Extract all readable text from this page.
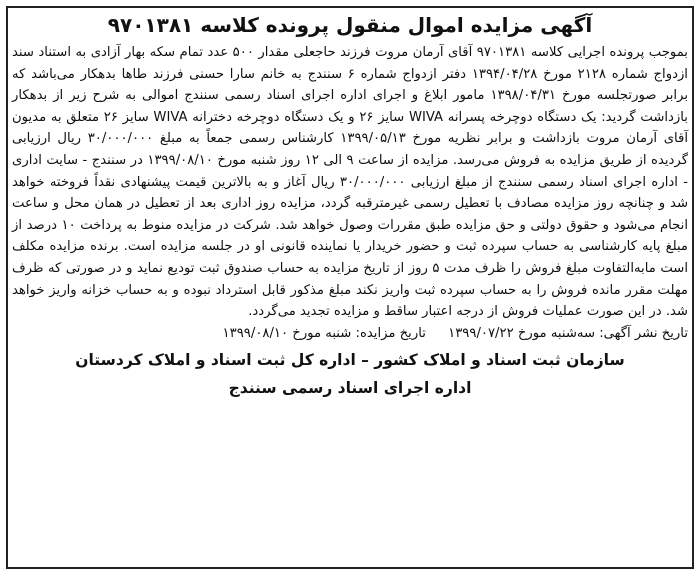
آگهی مزایده اموال منقول پرونده کلاسه ۹۷۰۱۳۸۱

بموجب پرونده اجرایی کلاسه ۹۷۰۱۳۸۱ آقای آرمان مروت فرزند حاجعلی مقدار ۵۰۰ عدد تمام سکه بهار آزادی به استناد سند ازدواج شماره ۲۱۲۸ مورخ ۱۳۹۴/۰۴/۲۸ دفتر ازدواج شماره ۶ سنندج به خانم سارا حسنی فرزند طاها بدهکار می‌باشد که برابر صورتجلسه مورخ ۱۳۹۸/۰۴/۳۱ مامور ابلاغ و اجرای اداره اجرای اسناد رسمی سنندج اموالی به شرح زیر از بدهکار بازداشت گردید: یک دستگاه دوچرخه پسرانه WIVA سایز ۲۶ و یک دستگاه دوچرخه دخترانه WIVA سایز ۲۶ متعلق به مدیون آقای آرمان مروت بازداشت و برابر نظریه مورخ ۱۳۹۹/۰۵/۱۳ کارشناس رسمی جمعاً به مبلغ ۳۰/۰۰۰/۰۰۰ ریال ارزیابی گردیده از طریق مزایده به فروش می‌رسد. مزایده از ساعت ۹ الی ۱۲ روز شنبه مورخ ۱۳۹۹/۰۸/۱۰ در سنندج - سایت اداری - اداره اجرای اسناد رسمی سنندج از مبلغ ارزیابی ۳۰/۰۰۰/۰۰۰ ریال آغاز و به بالاترین قیمت پیشنهادی نقداً فروخته خواهد شد و چنانچه روز مزایده مصادف با تعطیل رسمی غیرمترقبه گردد، مزایده روز اداری بعد از تعطیل در همان محل و ساعت انجام می‌شود و حقوق دولتی و حق مزایده طبق مقررات وصول خواهد شد. شرکت در مزایده منوط به پرداخت ۱۰ درصد از مبلغ پایه کارشناسی به حساب سپرده ثبت و حضور خریدار یا نماینده قانونی او در جلسه مزایده است. برنده مزایده مکلف است مابه‌التفاوت مبلغ فروش را ظرف مدت ۵ روز از تاریخ مزایده به حساب صندوق ثبت تودیع نماید و در صورتی که ظرف مهلت مقرر مانده فروش را به حساب سپرده ثبت واریز نکند مبلغ مذکور قابل استرداد نبوده و به حساب خزانه واریز خواهد شد. در این صورت عملیات فروش از درجه اعتبار ساقط و مزایده تجدید می‌گردد.

تاریخ نشر آگهی: سه‌شنبه مورخ ۱۳۹۹/۰۷/۲۲ تاریخ مزایده: شنبه مورخ ۱۳۹۹/۰۸/۱۰

سازمان ثبت اسناد و املاک کشور – اداره کل ثبت اسناد و املاک کردستان
اداره اجرای اسناد رسمی سنندج
